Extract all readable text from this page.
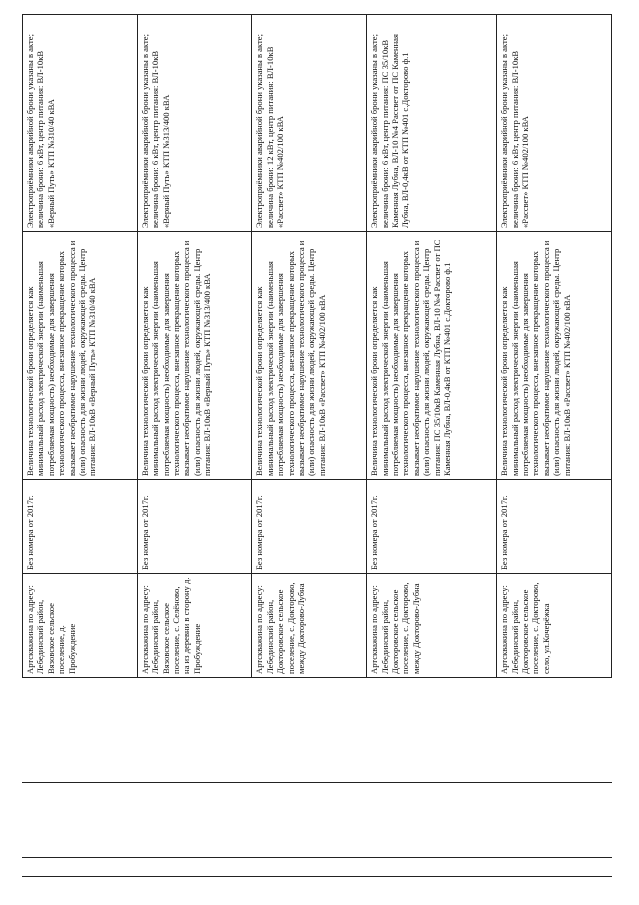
Артскважина по адресу: Лебединский район, Вязовское сельское поселение, д. Пробуждение	Без номера от 2017г.	Величина технологической брони определяется как минимальный расход электрической энергии (наименьшая потребляемая мощность) необходимые для завершения технологического процесса, внезапное прекращение которых вызывает необратимое нарушение технологического процесса и (или) опасность для жизни людей, окружающей среды. Центр питания: ВЛ-10кВ «Верный Путь» КТП №310/40 кВА	Электроприёмники аварийной брони указаны в акте; величина брони: 6 кВт, центр питания: ВЛ-10кВ «Верный Путь» КТП №310/40 кВА
Артскважина по адресу: Лебединский район, Вязовское сельское поселение, с. Селёново, на из деревни в сторону д. Пробуждение	Без номера от 2017г.	Величина технологической брони определяется как минимальный расход электрической энергии (наименьшая потребляемая мощность) необходимые для завершения технологического процесса, внезапное прекращение которых вызывает необратимое нарушение технологического процесса и (или) опасность для жизни людей, окружающей среды. Центр питания: ВЛ-10кВ «Верный Путь» КТП №313/400 кВА	Электроприёмники аварийной брони указаны в акте; величина брони: 6 кВт, центр питания: ВЛ-10кВ «Верный Путь» КТП №313/400 кВА
Артскважина по адресу: Лебединский район, Докторовское сельское поселение, с. Докторово, между Докторово-Лубна	Без номера от 2017г.	Величина технологической брони определяется как минимальный расход электрической энергии (наименьшая потребляемая мощность) необходимые для завершения технологического процесса, внезапное прекращение которых вызывает необратимое нарушение технологического процесса и (или) опасность для жизни людей, окружающей среды. Центр питания: ВЛ-10кВ «Рассвет» КТП №402/100 кВА	Электроприёмники аварийной брони указаны в акте; величина брони: 12 кВт, центр питания: ВЛ-10кВ «Рассвет» КТП №402/100 кВА
Артскважина по адресу: Лебединский район, Докторовское сельское поселение, с. Докторово, между Докторово-Лубна	Без номера от 2017г.	Величина технологической брони определяется как минимальный расход электрической энергии (наименьшая потребляемая мощность) необходимые для завершения технологического процесса, внезапное прекращение которых вызывает необратимое нарушение технологического процесса и (или) опасность для жизни людей, окружающей среды. Центр питания: ПС 35/10кВ Каменная Лубна, ВЛ-10 №4 Рассвет от ПС Каменная Лубна, ВЛ-0,4кВ от КТП №401 с.Докторово ф.1	Электроприёмники аварийной брони указаны в акте; величина брони: 6 кВт, центр питания: ПС 35/10кВ Каменная Лубна, ВЛ-10 №4 Рассвет от ПС Каменная Лубна, ВЛ-0,4кВ от КТП №401 с.Докторово ф.1
Артскважина по адресу: Лебединский район, Докторовское сельское поселение, с. Докторово, село, ул.Кочерёжка	Без номера от 2017г.	Величина технологической брони определяется как минимальный расход электрической энергии (наименьшая потребляемая мощность) необходимые для завершения технологического процесса, внезапное прекращение которых вызывает необратимое нарушение технологического процесса и (или) опасность для жизни людей, окружающей среды. Центр питания: ВЛ-10кВ «Рассвет» КТП №402/100 кВА	Электроприёмники аварийной брони указаны в акте; величина брони: 6 кВт, центр питания: ВЛ-10кВ «Рассвет» КТП №402/100 кВА
